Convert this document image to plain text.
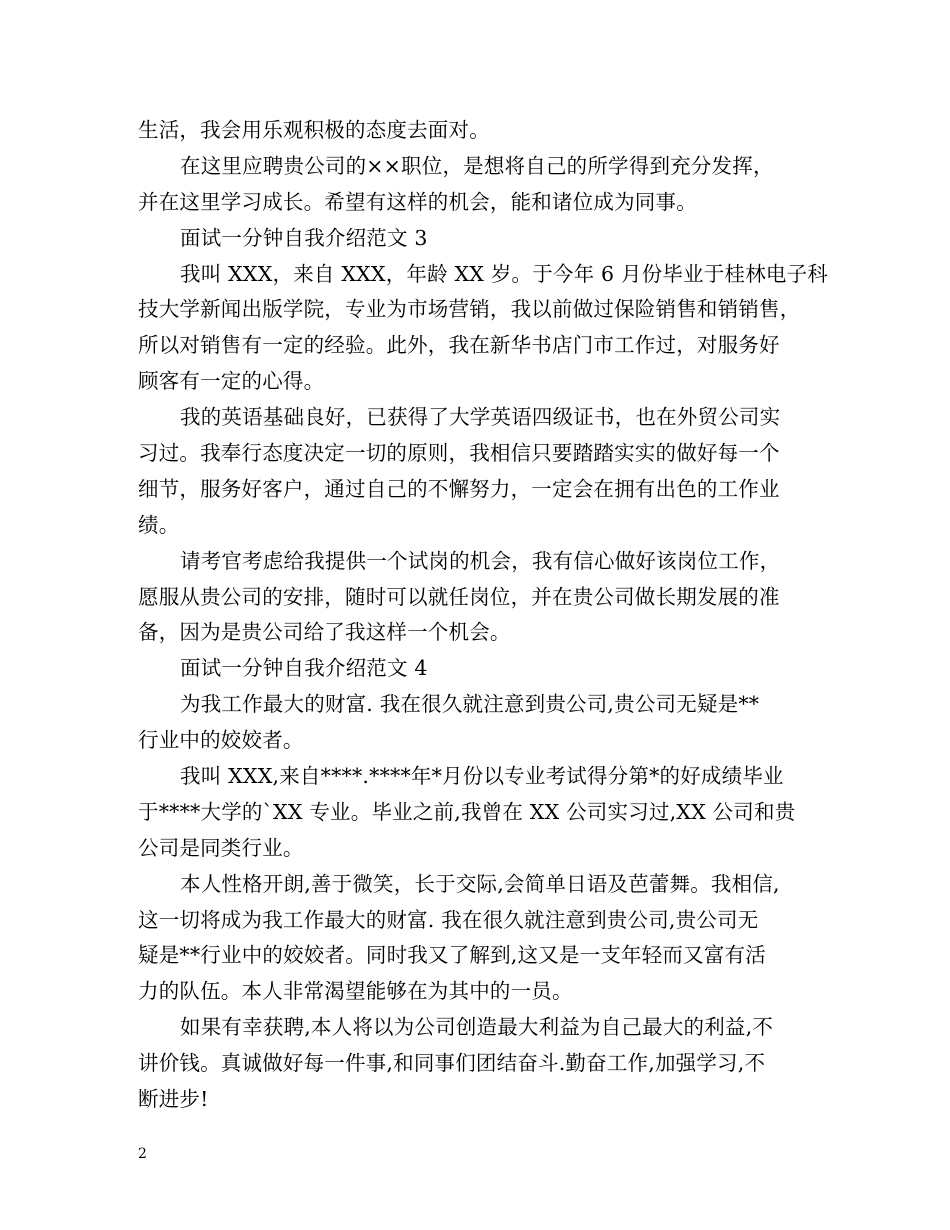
生活，我会用乐观积极的态度去面对。
在这里应聘贵公司的××职位，是想将自己的所学得到充分发挥，
并在这里学习成长。希望有这样的机会，能和诸位成为同事。
面试一分钟自我介绍范文 3
我叫 XXX，来自 XXX，年龄 XX 岁。于今年 6 月份毕业于桂林电子科
技大学新闻出版学院，专业为市场营销，我以前做过保险销售和销销售，
所以对销售有一定的经验。此外，我在新华书店门市工作过，对服务好
顾客有一定的心得。
我的英语基础良好，已获得了大学英语四级证书，也在外贸公司实
习过。我奉行态度决定一切的原则，我相信只要踏踏实实的做好每一个
细节，服务好客户，通过自己的不懈努力，一定会在拥有出色的工作业
绩。
请考官考虑给我提供一个试岗的机会，我有信心做好该岗位工作，
愿服从贵公司的安排，随时可以就任岗位，并在贵公司做长期发展的准
备，因为是贵公司给了我这样一个机会。
面试一分钟自我介绍范文 4
为我工作最大的财富. 我在很久就注意到贵公司,贵公司无疑是**
行业中的姣姣者。
我叫 XXX,来自****.****年*月份以专业考试得分第*的好成绩毕业
于****大学的`XX 专业。毕业之前,我曾在 XX 公司实习过,XX 公司和贵
公司是同类行业。
本人性格开朗,善于微笑，长于交际,会简单日语及芭蕾舞。我相信,
这一切将成为我工作最大的财富. 我在很久就注意到贵公司,贵公司无
疑是**行业中的姣姣者。同时我又了解到,这又是一支年轻而又富有活
力的队伍。本人非常渴望能够在为其中的一员。
如果有幸获聘,本人将以为公司创造最大利益为自己最大的利益,不
讲价钱。真诚做好每一件事,和同事们团结奋斗.勤奋工作,加强学习,不
断进步!
2
